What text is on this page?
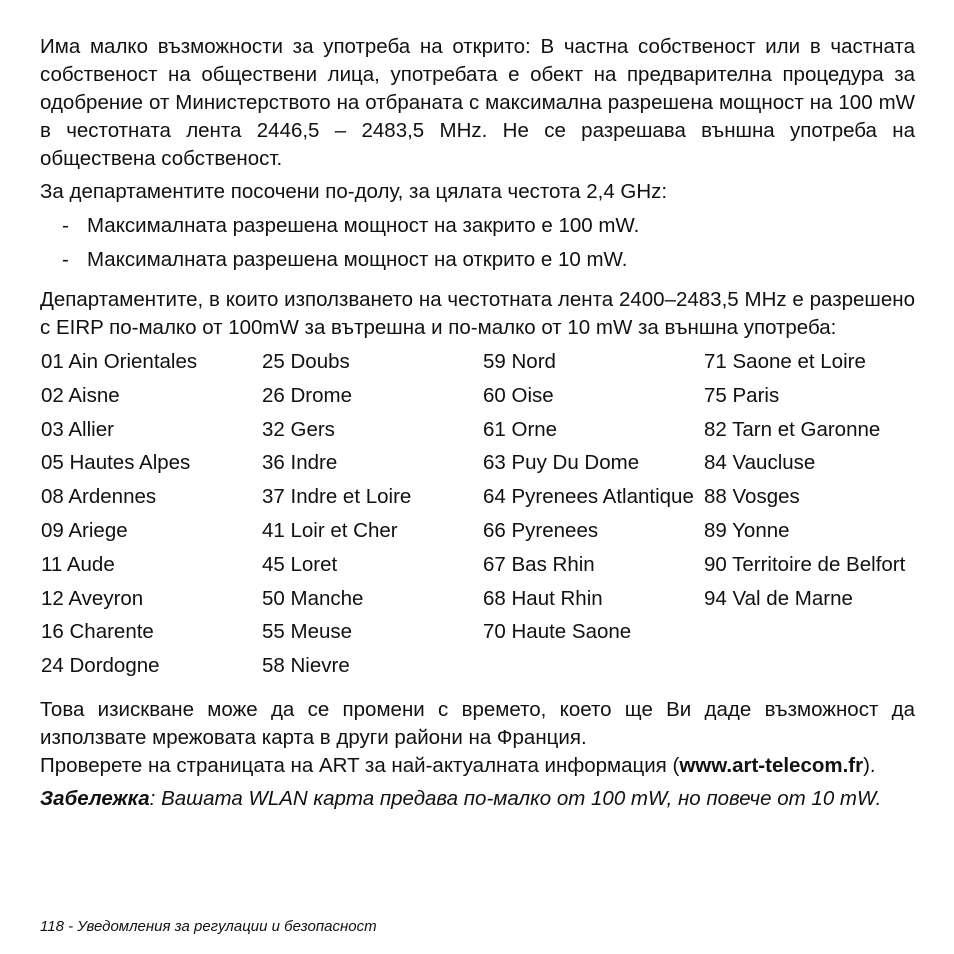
Има малко възможности за употреба на открито: В частна собственост или в частната собственост на обществени лица, употребата е обект на предварителна процедура за одобрение от Министерството на отбраната с максимална разрешена мощност на 100 mW в честотната лента 2446,5 – 2483,5 MHz. Не се разрешава външна употреба на обществена собственост.

За департаментите посочени по-долу, за цялата честота 2,4 GHz:

- Максималната разрешена мощност на закрито е 100 mW.
- Максималната разрешена мощност на открито е 10 mW.

Департаментите, в които използването на честотната лента 2400–2483,5 MHz е разрешено с EIRP по-малко от 100mW за вътрешна и по-малко от 10 mW за външна употреба:

01 Ain Orientales
02 Aisne
03 Allier
05 Hautes Alpes
08 Ardennes
09 Ariege
11 Aude
12 Aveyron
16 Charente
24 Dordogne
25 Doubs
26 Drome
32 Gers
36 Indre
37 Indre et Loire
41 Loir et Cher
45 Loret
50 Manche
55 Meuse
58 Nievre
59 Nord
60 Oise
61 Orne
63 Puy Du Dome
64 Pyrenees Atlantique
66 Pyrenees
67 Bas Rhin
68 Haut Rhin
70 Haute Saone
71 Saone et Loire
75 Paris
82 Tarn et Garonne
84 Vaucluse
88 Vosges
89 Yonne
90 Territoire de Belfort
94 Val de Marne

Това изискване може да се промени с времето, което ще Ви даде възможност да използвате мрежовата карта в други райони на Франция.

Проверете на страницата на ART за най-актуалната информация (www.art-telecom.fr).

Забележка: Вашата WLAN карта предава по-малко от 100 mW, но повече от 10 mW.

118 - Уведомления за регулации и безопасност
